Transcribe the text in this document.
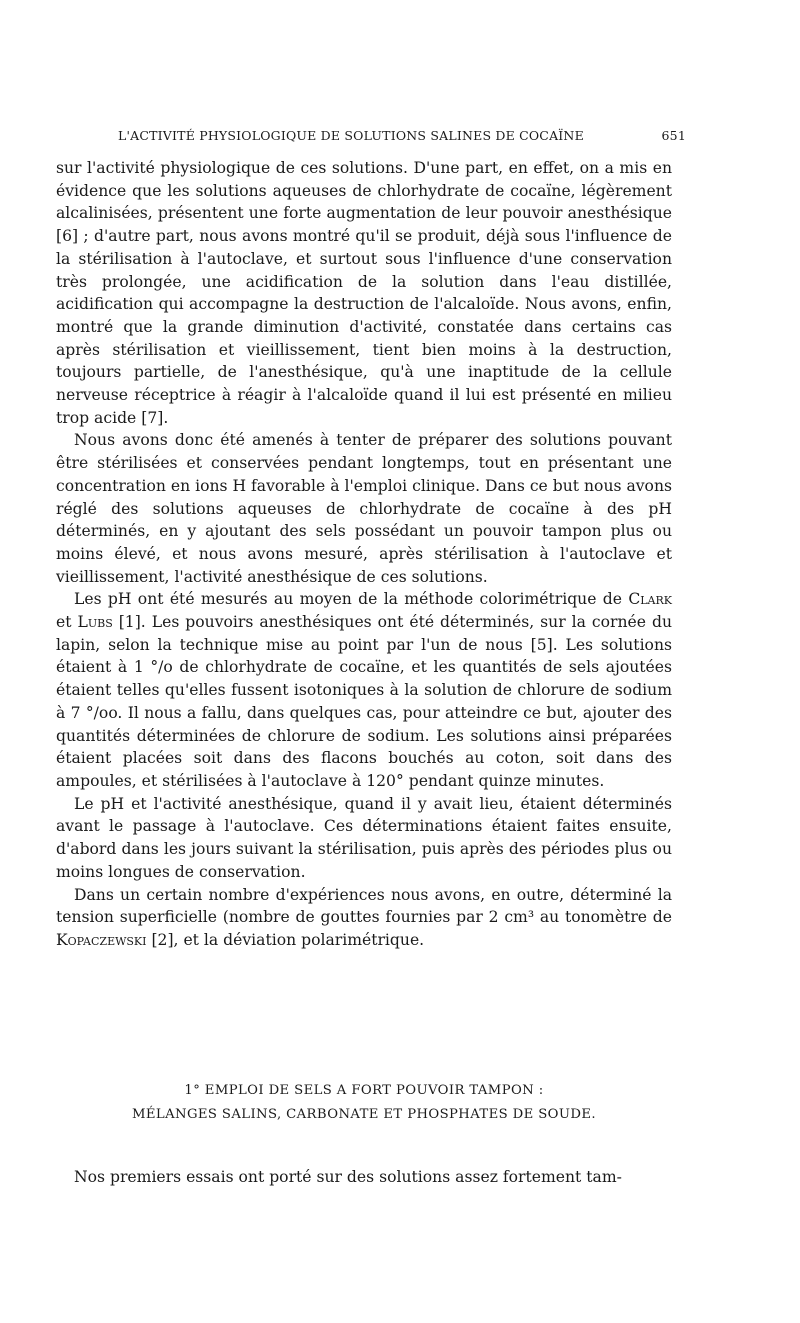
L'ACTIVITÉ PHYSIOLOGIQUE DE SOLUTIONS SALINES DE COCAÏNE	651

sur l'activité physiologique de ces solutions. D'une part, en effet, on a mis en évidence que les solutions aqueuses de chlorhydrate de cocaïne, légèrement alcalinisées, présentent une forte augmentation de leur pouvoir anesthésique [6] ; d'autre part, nous avons montré qu'il se produit, déjà sous l'influence de la stérilisation à l'autoclave, et surtout sous l'influence d'une conservation très prolongée, une acidification de la solution dans l'eau distillée, acidification qui accompagne la destruction de l'alcaloïde. Nous avons, enfin, montré que la grande diminution d'activité, constatée dans certains cas après stérilisation et vieillissement, tient bien moins à la destruction, toujours partielle, de l'anesthésique, qu'à une inaptitude de la cellule nerveuse réceptrice à réagir à l'alcaloïde quand il lui est présenté en milieu trop acide [7].

Nous avons donc été amenés à tenter de préparer des solutions pouvant être stérilisées et conservées pendant longtemps, tout en présentant une concentration en ions H favorable à l'emploi clinique. Dans ce but nous avons réglé des solutions aqueuses de chlorhydrate de cocaïne à des pH déterminés, en y ajoutant des sels possédant un pouvoir tampon plus ou moins élevé, et nous avons mesuré, après stérilisation à l'autoclave et vieillissement, l'activité anesthésique de ces solutions.

Les pH ont été mesurés au moyen de la méthode colorimétrique de Clark et Lubs [1]. Les pouvoirs anesthésiques ont été déterminés, sur la cornée du lapin, selon la technique mise au point par l'un de nous [5]. Les solutions étaient à 1 °/o de chlorhydrate de cocaïne, et les quantités de sels ajoutées étaient telles qu'elles fussent isotoniques à la solution de chlorure de sodium à 7 °/oo. Il nous a fallu, dans quelques cas, pour atteindre ce but, ajouter des quantités déterminées de chlorure de sodium. Les solutions ainsi préparées étaient placées soit dans des flacons bouchés au coton, soit dans des ampoules, et stérilisées à l'autoclave à 120° pendant quinze minutes.

Le pH et l'activité anesthésique, quand il y avait lieu, étaient déterminés avant le passage à l'autoclave. Ces déterminations étaient faites ensuite, d'abord dans les jours suivant la stérilisation, puis après des périodes plus ou moins longues de conservation.

Dans un certain nombre d'expériences nous avons, en outre, déterminé la tension superficielle (nombre de gouttes fournies par 2 cm³ au tonomètre de Kopaczewski [2], et la déviation polarimétrique.

1° EMPLOI DE SELS A FORT POUVOIR TAMPON :
MÉLANGES SALINS, CARBONATE ET PHOSPHATES DE SOUDE.
Nos premiers essais ont porté sur des solutions assez fortement tam-
